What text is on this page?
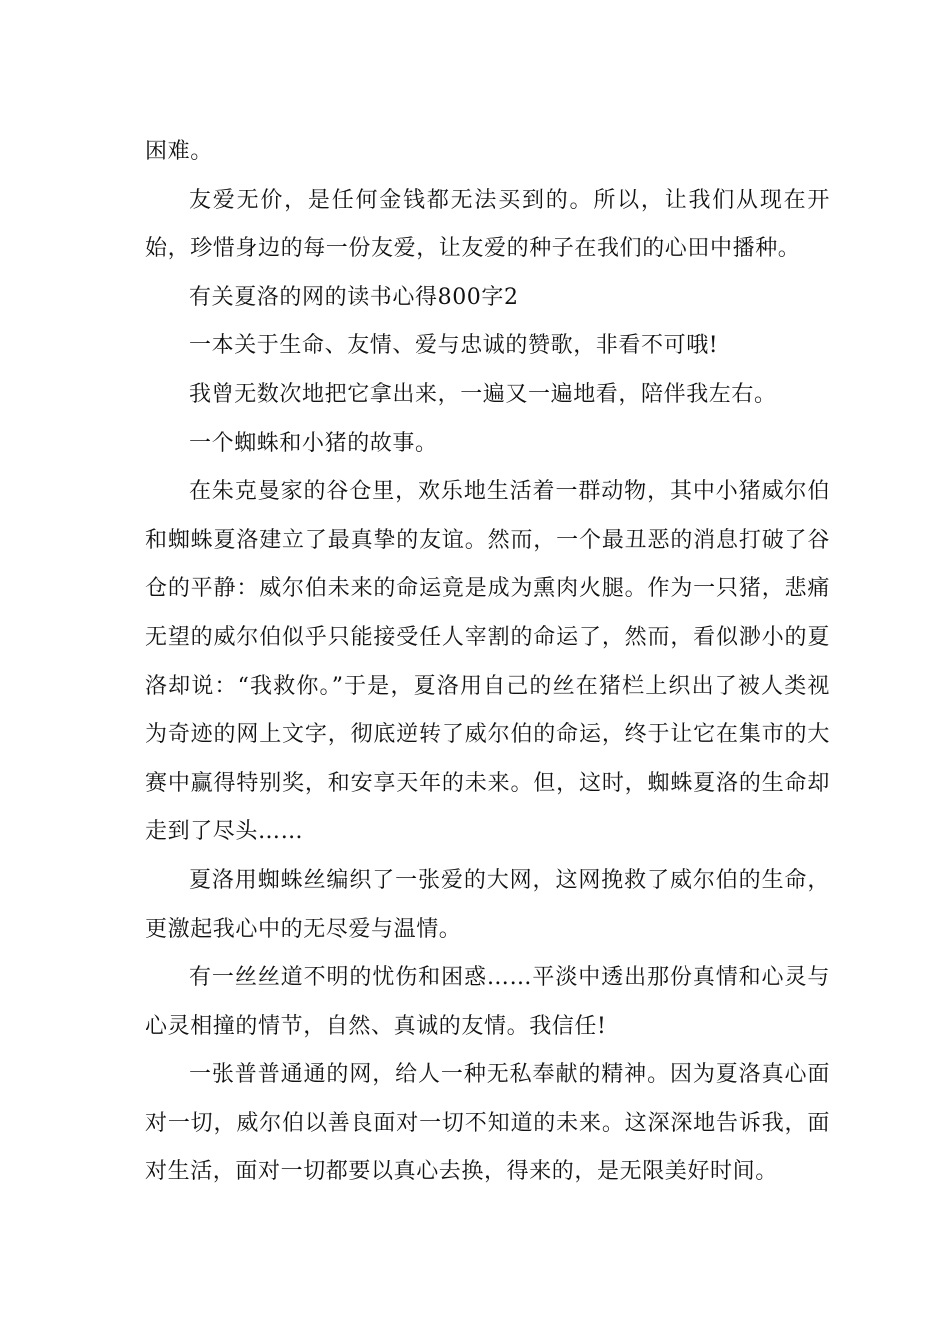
困难。

友爱无价，是任何金钱都无法买到的。所以，让我们从现在开始，珍惜身边的每一份友爱，让友爱的种子在我们的心田中播种。

有关夏洛的网的读书心得800字2

一本关于生命、友情、爱与忠诚的赞歌，非看不可哦!

我曾无数次地把它拿出来，一遍又一遍地看，陪伴我左右。

一个蜘蛛和小猪的故事。

在朱克曼家的谷仓里，欢乐地生活着一群动物，其中小猪威尔伯和蜘蛛夏洛建立了最真挚的友谊。然而，一个最丑恶的消息打破了谷仓的平静：威尔伯未来的命运竟是成为熏肉火腿。作为一只猪，悲痛无望的威尔伯似乎只能接受任人宰割的命运了，然而，看似渺小的夏洛却说：“我救你。”于是，夏洛用自己的丝在猪栏上织出了被人类视为奇迹的网上文字，彻底逆转了威尔伯的命运，终于让它在集市的大赛中赢得特别奖，和安享天年的未来。但，这时，蜘蛛夏洛的生命却走到了尽头……

夏洛用蜘蛛丝编织了一张爱的大网，这网挽救了威尔伯的生命，更激起我心中的无尽爱与温情。

有一丝丝道不明的忧伤和困惑……平淡中透出那份真情和心灵与心灵相撞的情节，自然、真诚的友情。我信任!

一张普普通通的网，给人一种无私奉献的精神。因为夏洛真心面对一切，威尔伯以善良面对一切不知道的未来。这深深地告诉我，面对生活，面对一切都要以真心去换，得来的，是无限美好时间。
